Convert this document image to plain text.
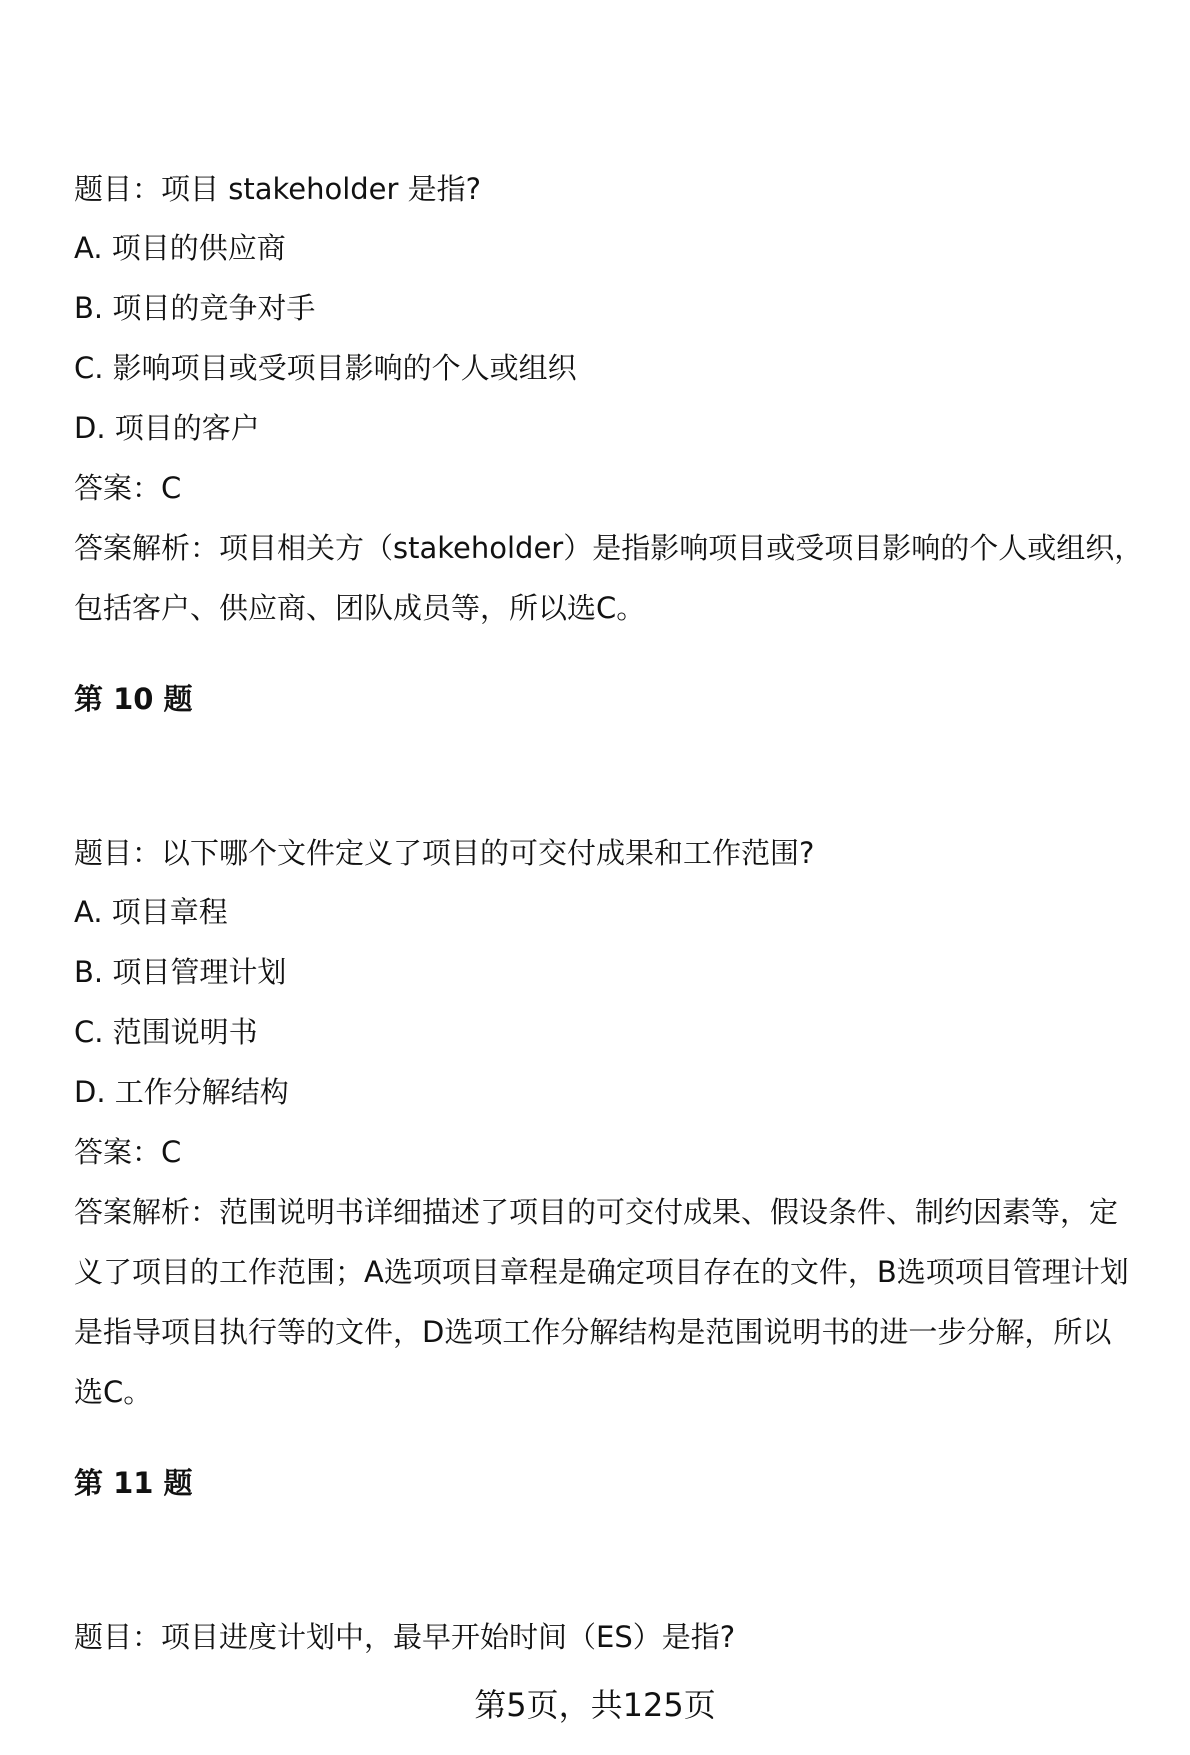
题目：项目 stakeholder 是指?

A. 项目的供应商

B. 项目的竞争对手

C. 影响项目或受项目影响的个人或组织

D. 项目的客户

答案：C

答案解析：项目相关方（stakeholder）是指影响项目或受项目影响的个人或组织，

包括客户、供应商、团队成员等，所以选C。

第 10 题

题目：以下哪个文件定义了项目的可交付成果和工作范围?

A. 项目章程

B. 项目管理计划

C. 范围说明书

D. 工作分解结构

答案：C

答案解析：范围说明书详细描述了项目的可交付成果、假设条件、制约因素等，定

义了项目的工作范围；A选项项目章程是确定项目存在的文件，B选项项目管理计划

是指导项目执行等的文件，D选项工作分解结构是范围说明书的进一步分解，所以

选C。

第 11 题

题目：项目进度计划中，最早开始时间（ES）是指?

第5页，共125页
